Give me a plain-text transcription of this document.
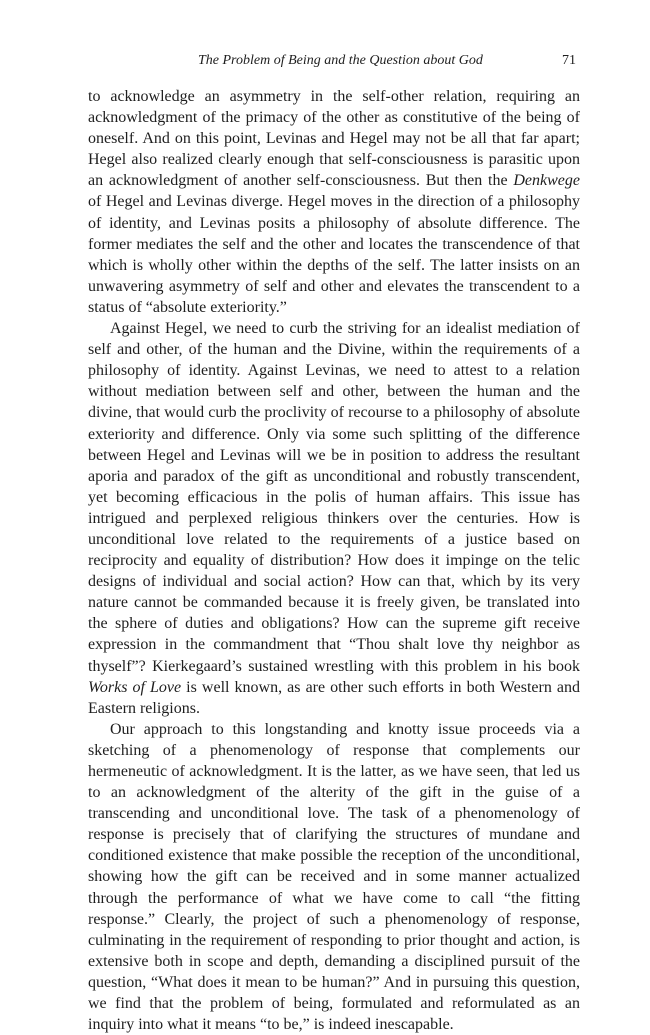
The Problem of Being and the Question about God	71

to acknowledge an asymmetry in the self-other relation, requiring an acknowledgment of the primacy of the other as constitutive of the being of oneself. And on this point, Levinas and Hegel may not be all that far apart; Hegel also realized clearly enough that self-consciousness is parasitic upon an acknowledgment of another self-consciousness. But then the Denkwege of Hegel and Levinas diverge. Hegel moves in the direction of a philosophy of identity, and Levinas posits a philosophy of absolute difference. The former mediates the self and the other and locates the transcendence of that which is wholly other within the depths of the self. The latter insists on an unwavering asymmetry of self and other and elevates the transcendent to a status of “absolute exteriority.”

Against Hegel, we need to curb the striving for an idealist mediation of self and other, of the human and the Divine, within the requirements of a philosophy of identity. Against Levinas, we need to attest to a relation without mediation between self and other, between the human and the divine, that would curb the proclivity of recourse to a philosophy of absolute exteriority and difference. Only via some such splitting of the difference between Hegel and Levinas will we be in position to address the resultant aporia and paradox of the gift as unconditional and robustly transcendent, yet becoming efficacious in the polis of human affairs. This issue has intrigued and perplexed religious thinkers over the centuries. How is unconditional love related to the requirements of a justice based on reciprocity and equality of distribution? How does it impinge on the telic designs of individual and social action? How can that, which by its very nature cannot be commanded because it is freely given, be translated into the sphere of duties and obligations? How can the supreme gift receive expression in the commandment that “Thou shalt love thy neighbor as thyself”? Kierkegaard’s sustained wrestling with this problem in his book Works of Love is well known, as are other such efforts in both Western and Eastern religions.

Our approach to this longstanding and knotty issue proceeds via a sketching of a phenomenology of response that complements our hermeneutic of acknowledgment. It is the latter, as we have seen, that led us to an acknowledgment of the alterity of the gift in the guise of a transcending and unconditional love. The task of a phenomenology of response is precisely that of clarifying the structures of mundane and conditioned existence that make possible the reception of the unconditional, showing how the gift can be received and in some manner actualized through the performance of what we have come to call “the fitting response.” Clearly, the project of such a phenomenology of response, culminating in the requirement of responding to prior thought and action, is extensive both in scope and depth, demanding a disciplined pursuit of the question, “What does it mean to be human?” And in pursuing this question, we find that the problem of being, formulated and reformulated as an inquiry into what it means “to be,” is indeed inescapable.
